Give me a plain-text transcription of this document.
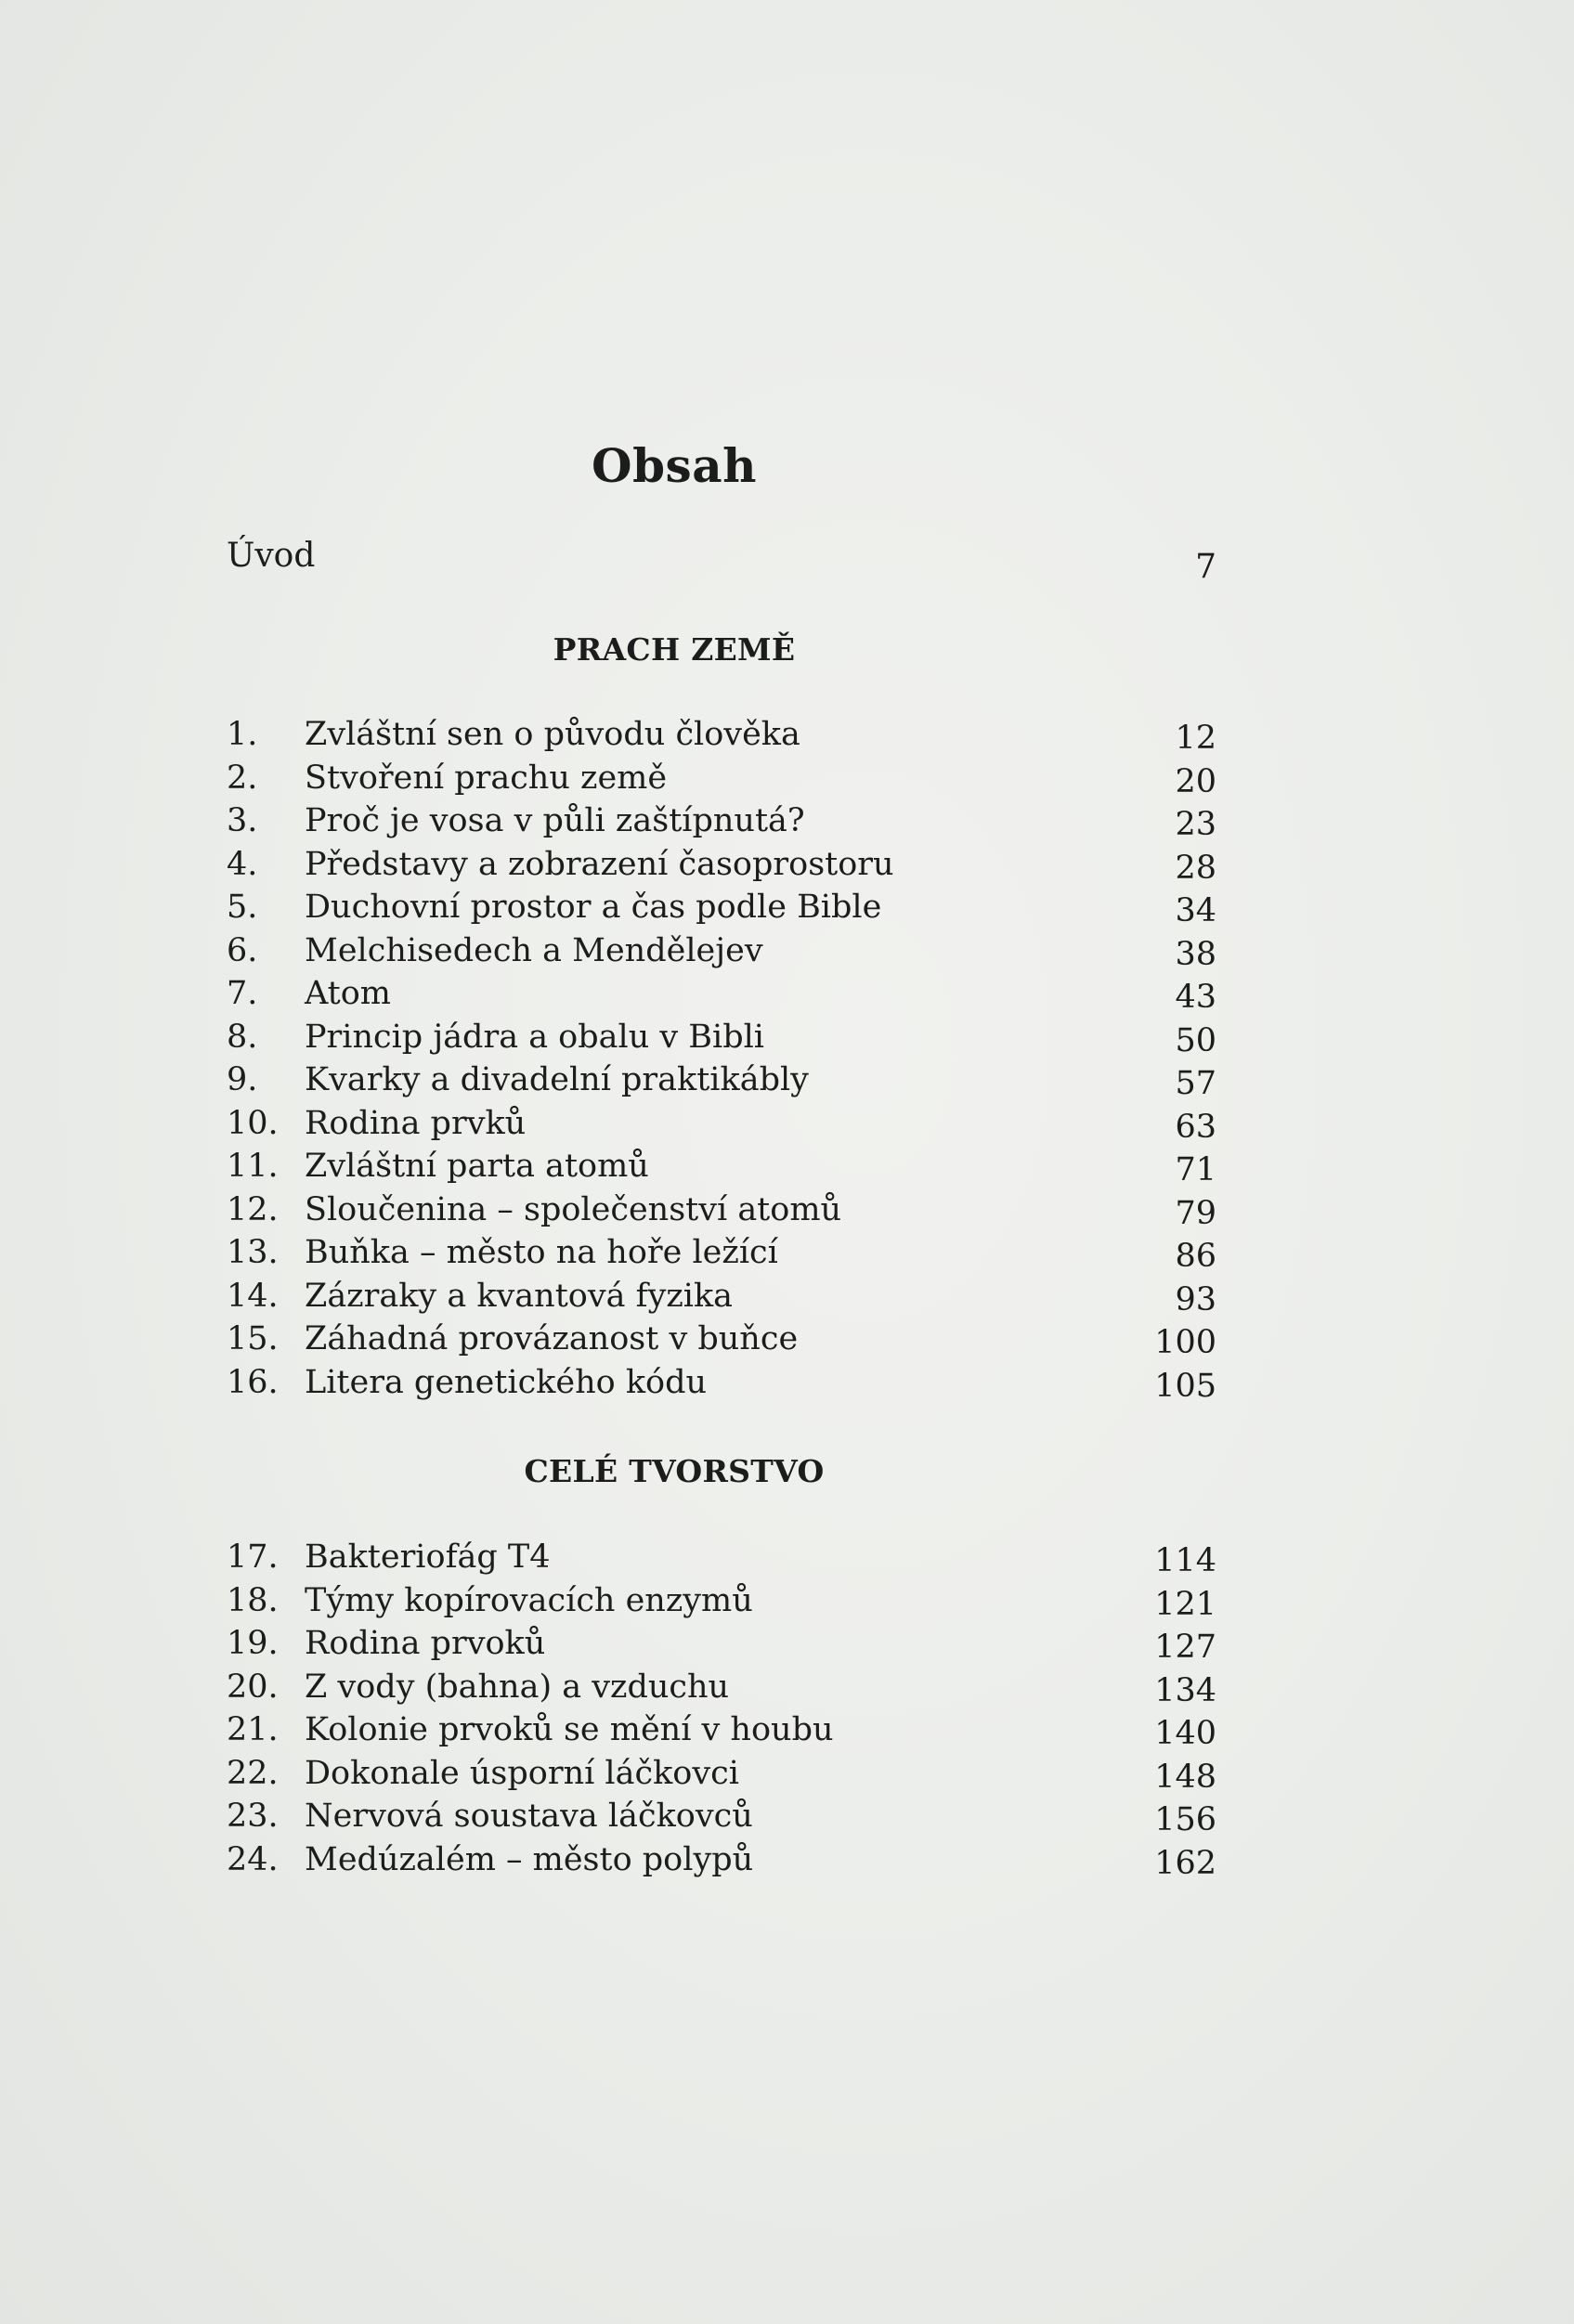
Obsah
Úvod	7
PRACH ZEMĚ
1. Zvláštní sen o původu člověka	12
2. Stvoření prachu země	20
3. Proč je vosa v půli zaštípnutá?	23
4. Představy a zobrazení časoprostoru	28
5. Duchovní prostor a čas podle Bible	34
6. Melchisedech a Mendělejev	38
7. Atom	43
8. Princip jádra a obalu v Bibli	50
9. Kvarky a divadelní praktikábly	57
10. Rodina prvků	63
11. Zvláštní parta atomů	71
12. Sloučenina – společenství atomů	79
13. Buňka – město na hoře ležící	86
14. Zázraky a kvantová fyzika	93
15. Záhadná provázanost v buňce	100
16. Litera genetického kódu	105
CELÉ TVORSTVO
17. Bakteriofág T4	114
18. Týmy kopírovacích enzymů	121
19. Rodina prvoků	127
20. Z vody (bahna) a vzduchu	134
21. Kolonie prvoků se mění v houbu	140
22. Dokonale úsporní láčkovci	148
23. Nervová soustava láčkovců	156
24. Medúzalém – město polypů	162
